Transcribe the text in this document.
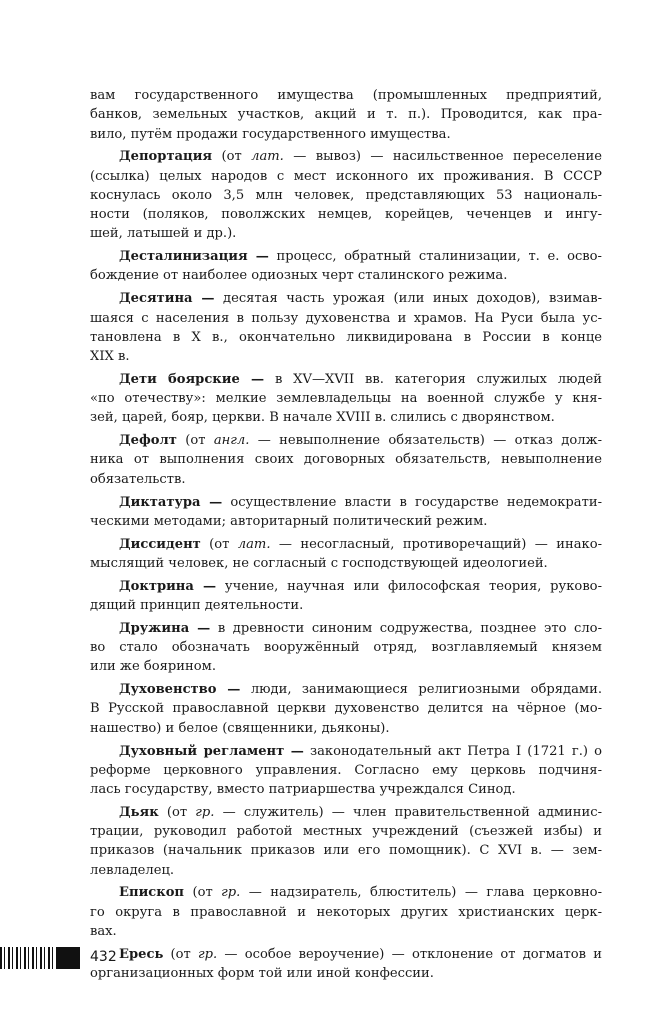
вам государственного имущества (промышленных предприятий,
банков, земельных участков, акций и т. п.). Проводится, как пра-
вило, путём продажи государственного имущества.
Депортация (от лат. — вывоз) — насильственное переселение
(ссылка) целых народов с мест исконного их проживания. В СССР
коснулась около 3,5 млн человек, представляющих 53 националь-
ности (поляков, поволжских немцев, корейцев, чеченцев и ингу-
шей, латышей и др.).
Десталинизация — процесс, обратный сталинизации, т. е. осво-
бождение от наиболее одиозных черт сталинского режима.
Десятина — десятая часть урожая (или иных доходов), взимав-
шаяся с населения в пользу духовенства и храмов. На Руси была ус-
тановлена в X в., окончательно ликвидирована в России в конце
XIX в.
Дети боярские — в XV—XVII вв. категория служилых людей
«по отечеству»: мелкие землевладельцы на военной службе у кня-
зей, царей, бояр, церкви. В начале XVIII в. слились с дворянством.
Дефолт (от англ. — невыполнение обязательств) — отказ долж-
ника от выполнения своих договорных обязательств, невыполнение
обязательств.
Диктатура — осуществление власти в государстве недемократи-
ческими методами; авторитарный политический режим.
Диссидент (от лат. — несогласный, противоречащий) — инако-
мыслящий человек, не согласный с господствующей идеологией.
Доктрина — учение, научная или философская теория, руково-
дящий принцип деятельности.
Дружина — в древности синоним содружества, позднее это сло-
во стало обозначать вооружённый отряд, возглавляемый князем
или же боярином.
Духовенство — люди, занимающиеся религиозными обрядами.
В Русской православной церкви духовенство делится на чёрное (мо-
нашество) и белое (священники, дьяконы).
Духовный регламент — законодательный акт Петра I (1721 г.) о
реформе церковного управления. Согласно ему церковь подчиня-
лась государству, вместо патриаршества учреждался Синод.
Дьяк (от гр. — служитель) — член правительственной админис-
трации, руководил работой местных учреждений (съезжей избы) и
приказов (начальник приказов или его помощник). С XVI в. — зем-
левладелец.
Епископ (от гр. — надзиратель, блюститель) — глава церковно-
го округа в православной и некоторых других христианских церк-
вах.
Ересь (от гр. — особое вероучение) — отклонение от догматов и
организационных форм той или иной конфессии.
432
